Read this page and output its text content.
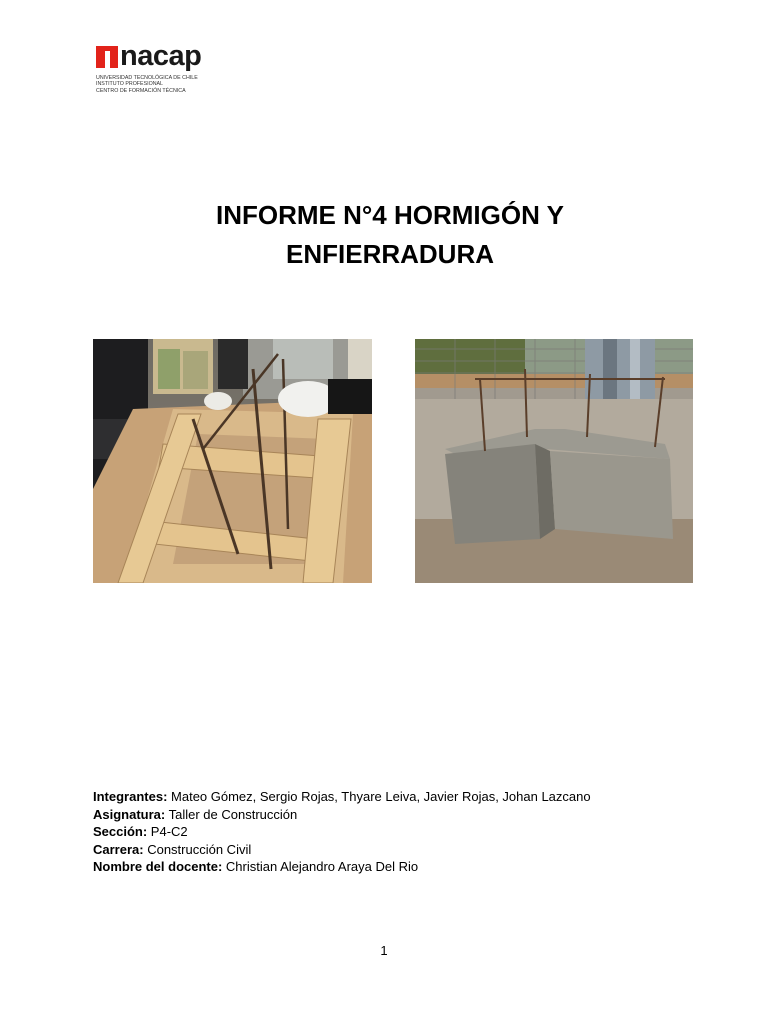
nacap
UNIVERSIDAD TECNOLÓGICA DE CHILE
INSTITUTO PROFESIONAL
CENTRO DE FORMACIÓN TÉCNICA
INFORME N°4 HORMIGÓN Y
ENFIERRADURA
Integrantes: Mateo Gómez, Sergio Rojas, Thyare Leiva, Javier Rojas, Johan Lazcano
Asignatura: Taller de Construcción
Sección: P4-C2
Carrera: Construcción Civil
Nombre del docente: Christian Alejandro Araya Del Rio
1
